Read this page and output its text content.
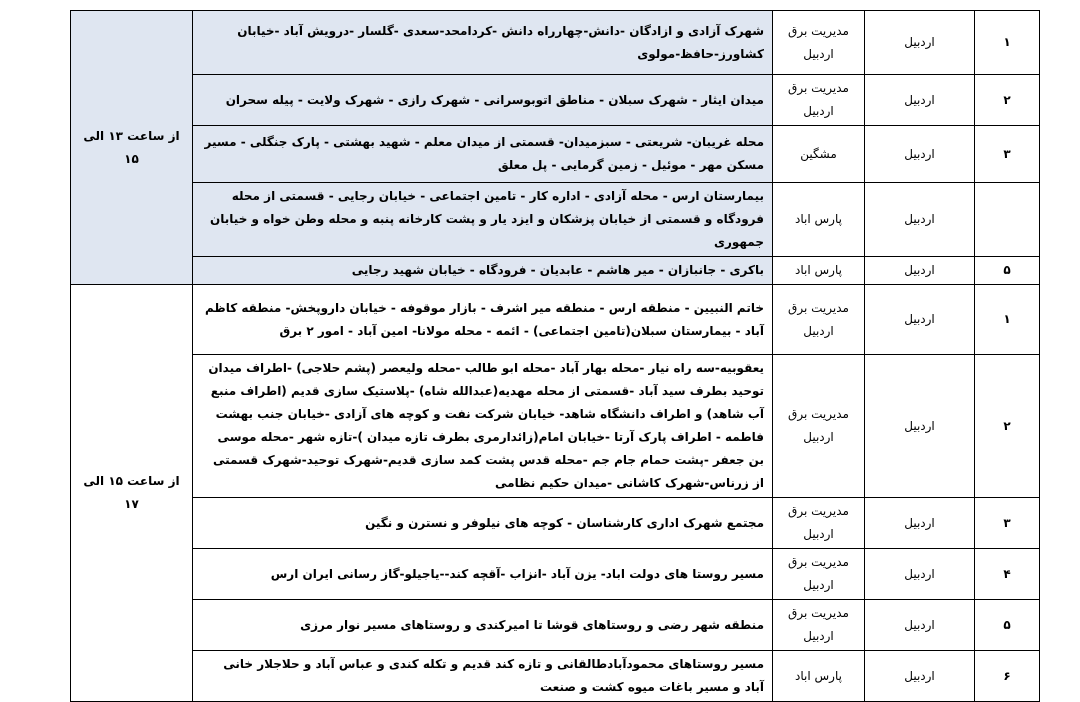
۱	اردبیل	مدیریت برق اردبیل	شهرک آزادی و ازادگان -دانش-چهارراه دانش -کردامحد-سعدی -گلسار -درویش آباد -خیابان کشاورز-حافظ-مولوی	از ساعت ۱۳ الی ۱۵
۲	اردبیل	مدیریت برق اردبیل	میدان ایثار - شهرک سبلان - مناطق اتوبوسرانی - شهرک رازی - شهرک ولایت - پیله سحران	
۳	اردبیل	مشگین	محله غریبان- شریعتی - سبزمیدان- قسمتی از میدان معلم - شهید بهشتی - پارک جنگلی - مسیر مسکن مهر - موئیل - زمین گرمایی - پل معلق	
	اردبیل	پارس اباد	بیمارستان ارس - محله آزادی - اداره کار - تامین اجتماعی - خیابان رجایی - قسمتی از محله فرودگاه و قسمتی از خیابان پزشکان و ایزد یار و پشت کارخانه پنبه و محله وطن خواه و خیابان جمهوری	
۵	اردبیل	پارس اباد	باکری - جانبازان - میر هاشم - عابدیان - فرودگاه - خیابان شهید رجایی	
۱	اردبیل	مدیریت برق اردبیل	خاتم النبیین - منطقه ارس - منطقه میر اشرف - بازار موقوفه - خیابان داروپخش- منطقه کاظم آباد - بیمارستان سبلان(تامین اجتماعی) - ائمه - محله مولانا- امین آباد - امور ۲ برق	از ساعت ۱۵ الی ۱۷
۲	اردبیل	مدیریت برق اردبیل	یعقوبیه-سه راه نیار -محله بهار آباد -محله ابو طالب -محله ولیعصر (پشم حلاجی) -اطراف میدان توحید بطرف سید آباد -قسمتی از محله مهدیه(عبدالله شاه) -پلاستیک سازی قدیم (اطراف منبع آب شاهد) و اطراف دانشگاه شاهد- خیابان شرکت نفت و کوچه های آزادی -خیابان جنب بهشت فاطمه - اطراف پارک آرتا -خیابان امام(زائدارمری بطرف تازه میدان )-تازه شهر -محله موسی بن جعفر -پشت حمام جام جم -محله قدس پشت کمد سازی قدیم-شهرک توحید-شهرک قسمتی از زرناس-شهرک کاشانی -میدان حکیم نظامی	
۳	اردبیل	مدیریت برق اردبیل	مجتمع شهرک اداری کارشناسان - کوچه های نیلوفر و نسترن و نگین	
۴	اردبیل	مدیریت برق اردبیل	مسیر روستا های دولت اباد- یزن آباد -انزاب -آقچه کند--یاجیلو-گاز رسانی ایران ارس	
۵	اردبیل	مدیریت برق اردبیل	منطقه شهر رضی و روستاهای قوشا تا امیرکندی و روستاهای مسیر نوار مرزی	
۶	اردبیل	پارس اباد	مسیر روستاهای محمودآبادطالقانی و تازه کند قدیم و تکله کندی و عباس آباد و حلاجلار خانی آباد و مسیر باغات میوه کشت و صنعت	
